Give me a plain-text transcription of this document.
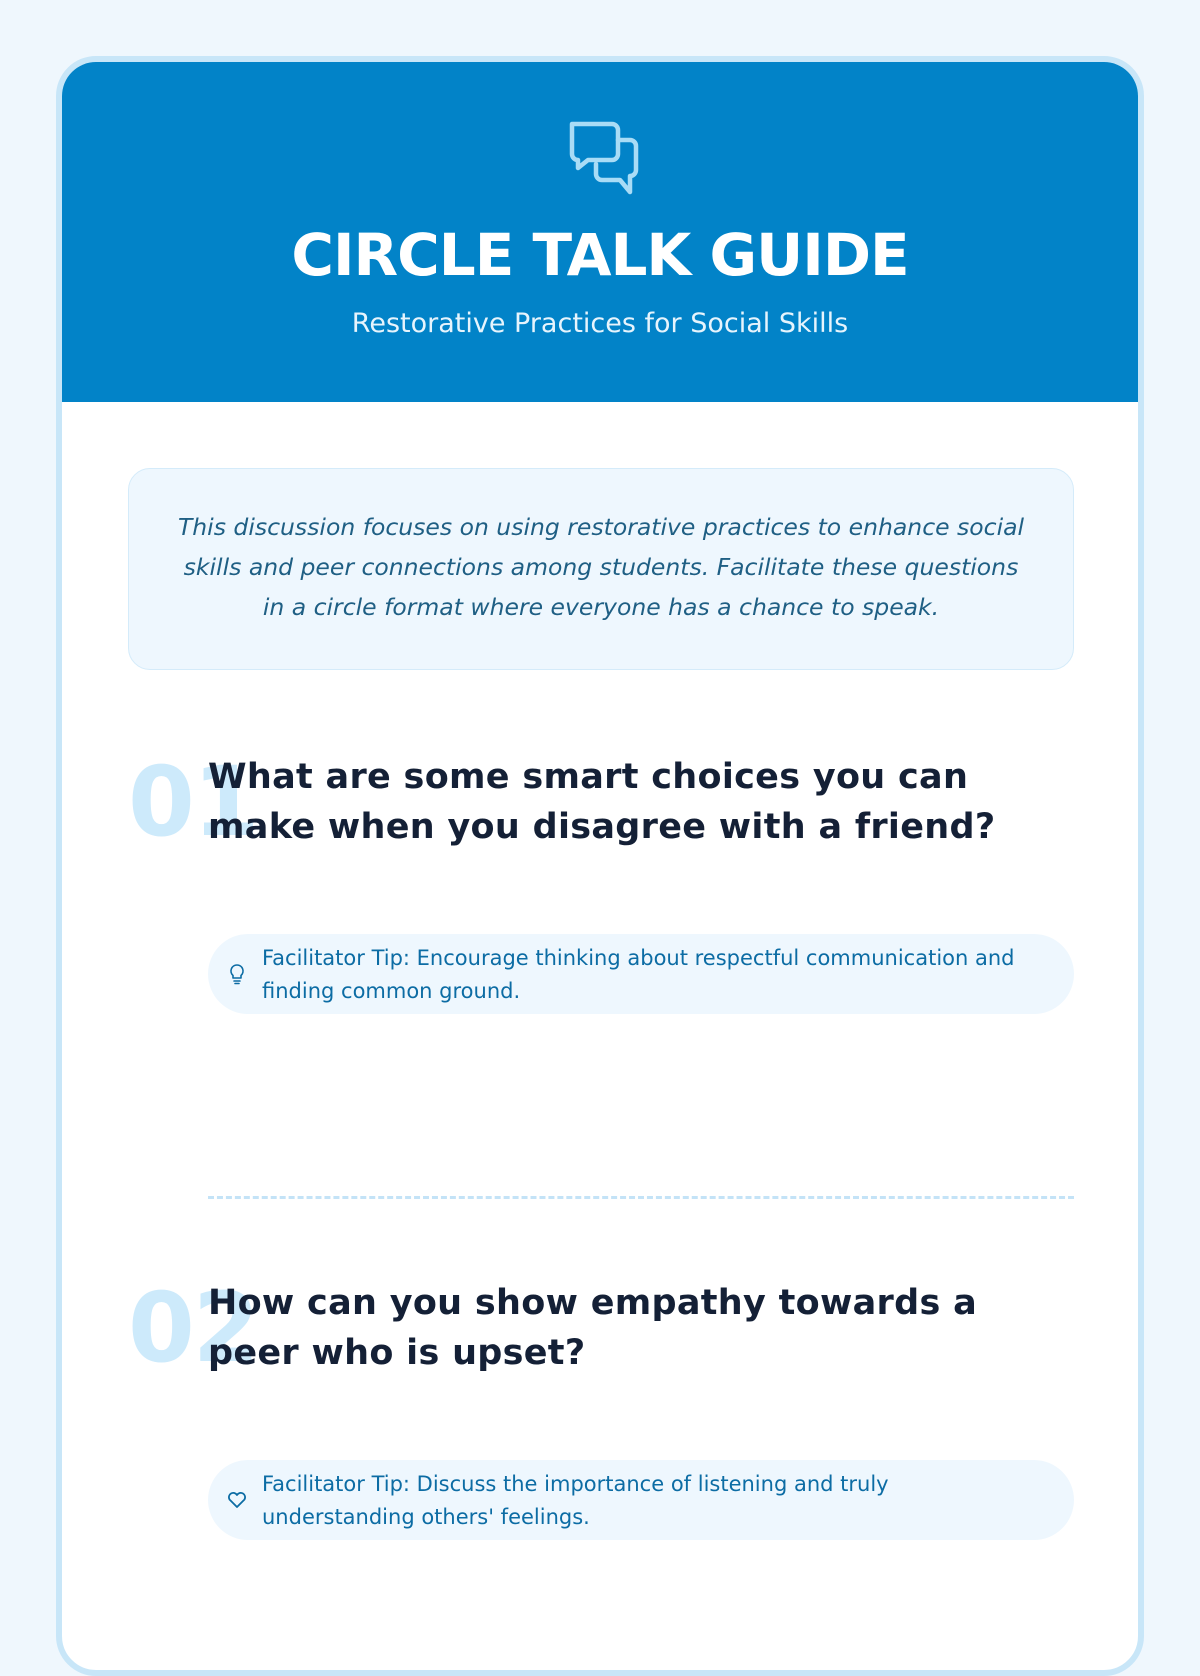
CIRCLE TALK GUIDE
Restorative Practices for Social Skills
This discussion focuses on using restorative practices to enhance social skills and peer connections among students. Facilitate these questions in a circle format where everyone has a chance to speak.
01
What are some smart choices you can make when you disagree with a friend?
Facilitator Tip: Encourage thinking about respectful communication and finding common ground.
02
How can you show empathy towards a peer who is upset?
Facilitator Tip: Discuss the importance of listening and truly understanding others' feelings.
